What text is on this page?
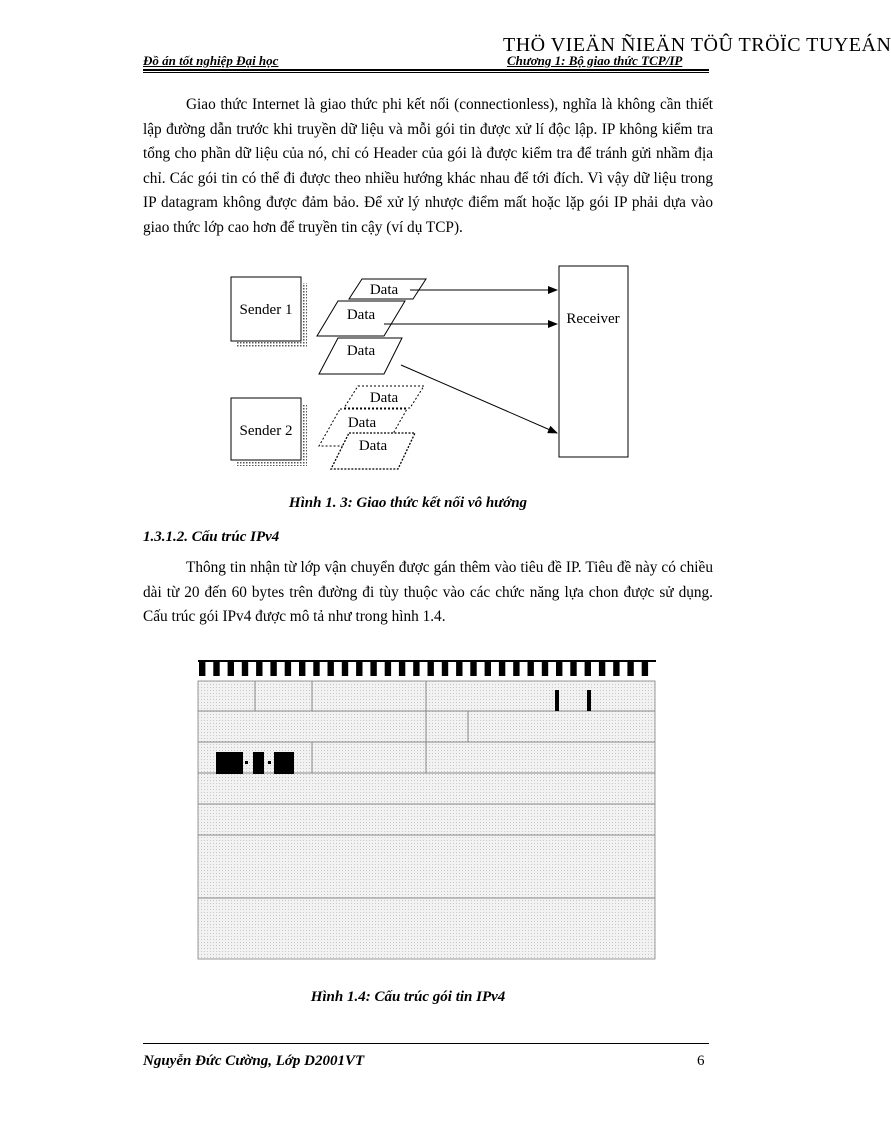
THÖ VIEÄN ÑIEÄN TÖÛ TRÖÏC TUYEÁN
Đồ án tốt nghiệp Đại học	Chương 1: Bộ giao thức TCP/IP
Giao thức Internet là giao thức phi kết nối (connectionless), nghĩa là không cần thiết lập đường dẫn trước khi truyền dữ liệu và mỗi gói tin được xử lí độc lập. IP không kiểm tra tổng cho phần dữ liệu của nó, chỉ có Header của gói là được kiểm tra để tránh gửi nhầm địa chỉ. Các gói tin có thể đi được theo nhiều hướng khác nhau để tới đích. Vì vậy dữ liệu trong IP datagram không được đảm bảo. Để xử lý nhược điểm mất hoặc lặp gói IP phải dựa vào giao thức lớp cao hơn để truyền tin cậy (ví dụ TCP).
Sender 1
Sender 2
Receiver
Data
Data
Data
Data
Data
Data
Hình 1. 3: Giao thức kết nối vô hướng
1.3.1.2. Cấu trúc IPv4
Thông tin nhận từ lớp vận chuyển được gán thêm vào tiêu đề IP. Tiêu đề này có chiều dài từ 20 đến 60 bytes trên đường đi tùy thuộc vào các chức năng lựa chon được sử dụng. Cấu trúc gói IPv4 được mô tả như trong hình 1.4.
Hình 1.4: Cấu trúc gói tin IPv4
Nguyễn Đức Cường, Lớp D2001VT	6
